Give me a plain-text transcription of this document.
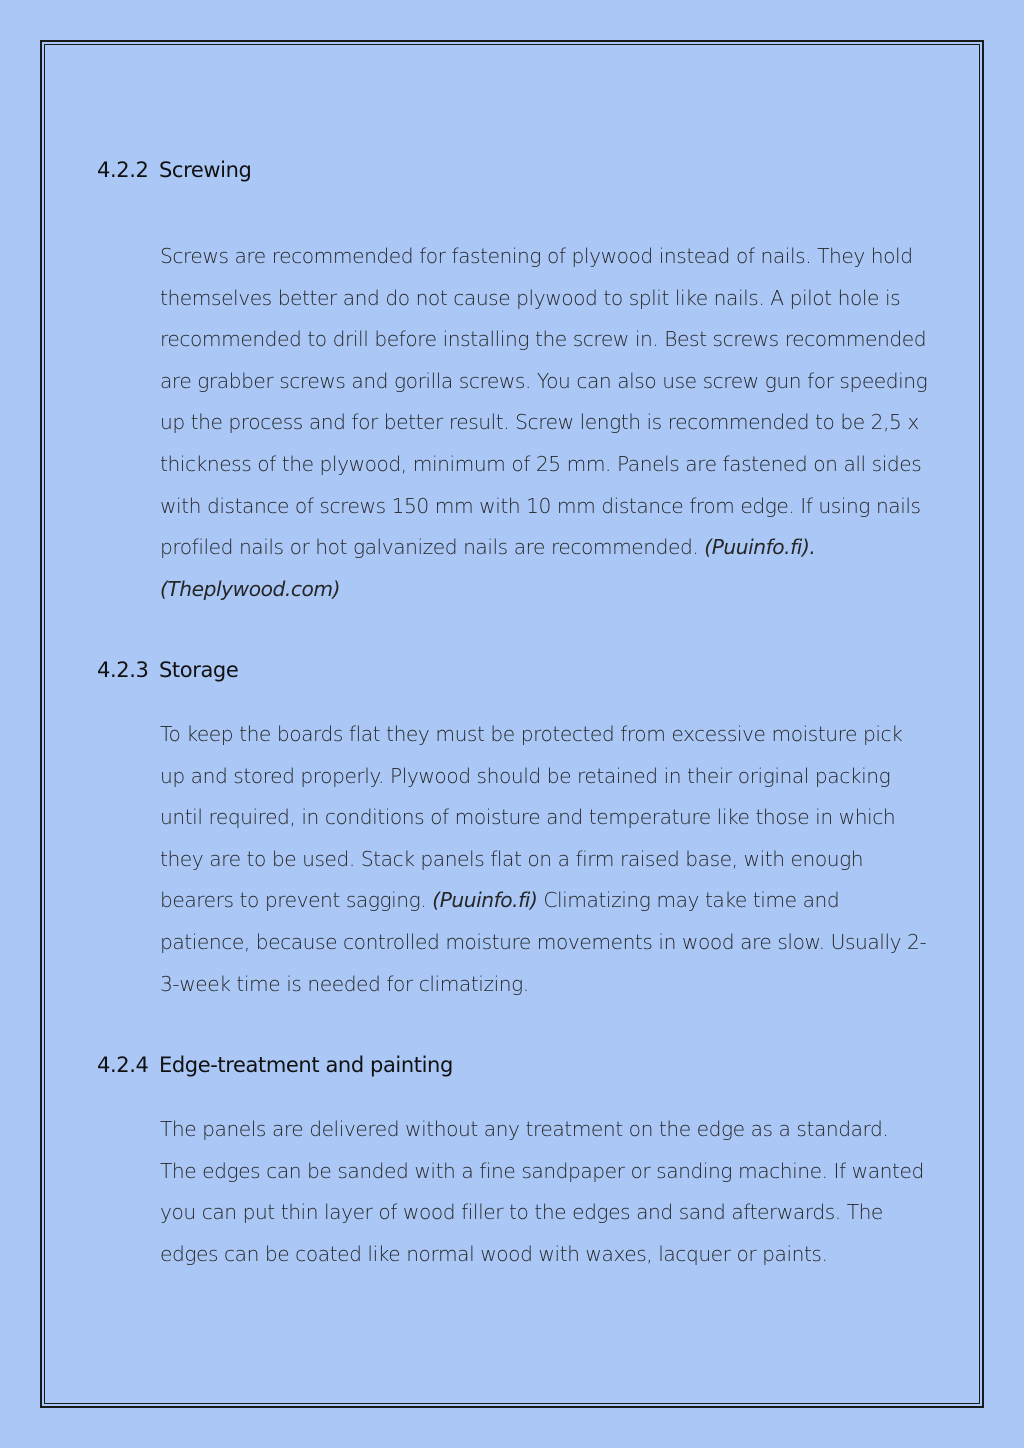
4.2.2 Screwing

Screws are recommended for fastening of plywood instead of nails. They hold themselves better and do not cause plywood to split like nails. A pilot hole is recommended to drill before installing the screw in. Best screws recommended are grabber screws and gorilla screws. You can also use screw gun for speeding up the process and for better result. Screw length is recommended to be 2,5 x thickness of the plywood, minimum of 25 mm. Panels are fastened on all sides with distance of screws 150 mm with 10 mm distance from edge. If using nails profiled nails or hot galvanized nails are recommended. (Puuinfo.fi). (Theplywood.com)

4.2.3 Storage

To keep the boards flat they must be protected from excessive moisture pick up and stored properly. Plywood should be retained in their original packing until required, in conditions of moisture and temperature like those in which they are to be used. Stack panels flat on a firm raised base, with enough bearers to prevent sagging. (Puuinfo.fi) Climatizing may take time and patience, because controlled moisture movements in wood are slow. Usually 2-3-week time is needed for climatizing.

4.2.4 Edge-treatment and painting

The panels are delivered without any treatment on the edge as a standard. The edges can be sanded with a fine sandpaper or sanding machine. If wanted you can put thin layer of wood filler to the edges and sand afterwards. The edges can be coated like normal wood with waxes, lacquer or paints.
